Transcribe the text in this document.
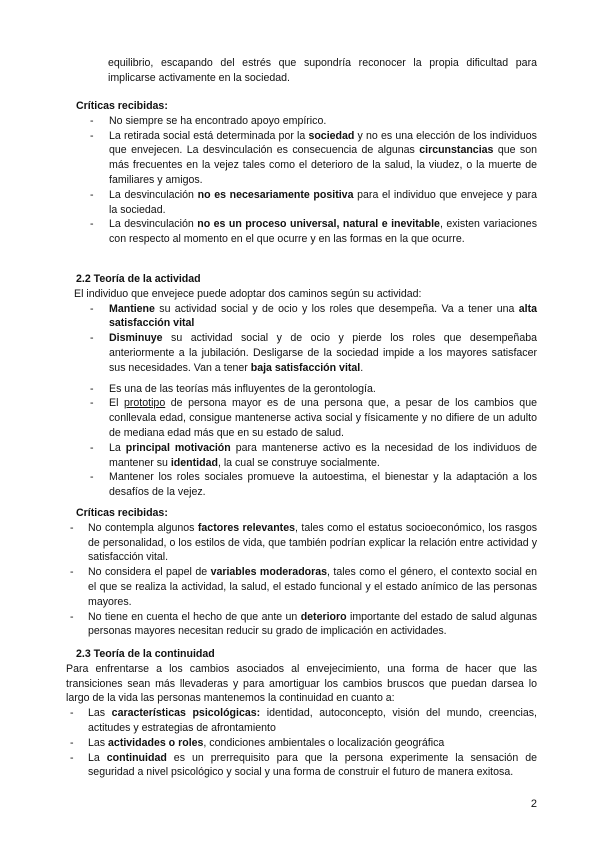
equilibrio, escapando del estrés que supondría reconocer la propia dificultad para implicarse activamente en la sociedad.

Críticas recibidas:

- No siempre se ha encontrado apoyo empírico.
- La retirada social está determinada por la sociedad y no es una elección de los individuos que envejecen. La desvinculación es consecuencia de algunas circunstancias que son más frecuentes en la vejez tales como el deterioro de la salud, la viudez, o la muerte de familiares y amigos.
- La desvinculación no es necesariamente positiva para el individuo que envejece y para la sociedad.
- La desvinculación no es un proceso universal, natural e inevitable, existen variaciones con respecto al momento en el que ocurre y en las formas en la que ocurre.

2.2 Teoría de la actividad

El individuo que envejece puede adoptar dos caminos según su actividad:

- Mantiene su actividad social y de ocio y los roles que desempeña. Va a tener una alta satisfacción vital
- Disminuye su actividad social y de ocio y pierde los roles que desempeñaba anteriormente a la jubilación. Desligarse de la sociedad impide a los mayores satisfacer sus necesidades. Van a tener baja satisfacción vital.
- Es una de las teorías más influyentes de la gerontología.
- El prototipo de persona mayor es de una persona que, a pesar de los cambios que conllevala edad, consigue mantenerse activa social y físicamente y no difiere de un adulto de mediana edad más que en su estado de salud.
- La principal motivación para mantenerse activo es la necesidad de los individuos de mantener su identidad, la cual se construye socialmente.
- Mantener los roles sociales promueve la autoestima, el bienestar y la adaptación a los desafíos de la vejez.

Críticas recibidas:

- No contempla algunos factores relevantes, tales como el estatus socioeconómico, los rasgos de personalidad, o los estilos de vida, que también podrían explicar la relación entre actividad y satisfacción vital.
- No considera el papel de variables moderadoras, tales como el género, el contexto social en el que se realiza la actividad, la salud, el estado funcional y el estado anímico de las personas mayores.
- No tiene en cuenta el hecho de que ante un deterioro importante del estado de salud algunas personas mayores necesitan reducir su grado de implicación en actividades.

2.3 Teoría de la continuidad

Para enfrentarse a los cambios asociados al envejecimiento, una forma de hacer que las transiciones sean más llevaderas y para amortiguar los cambios bruscos que puedan darsea lo largo de la vida las personas mantenemos la continuidad en cuanto a:

- Las características psicológicas: identidad, autoconcepto, visión del mundo, creencias, actitudes y estrategias de afrontamiento
- Las actividades o roles, condiciones ambientales o localización geográfica
- La continuidad es un prerrequisito para que la persona experimente la sensación de seguridad a nivel psicológico y social y una forma de construir el futuro de manera exitosa.
2
